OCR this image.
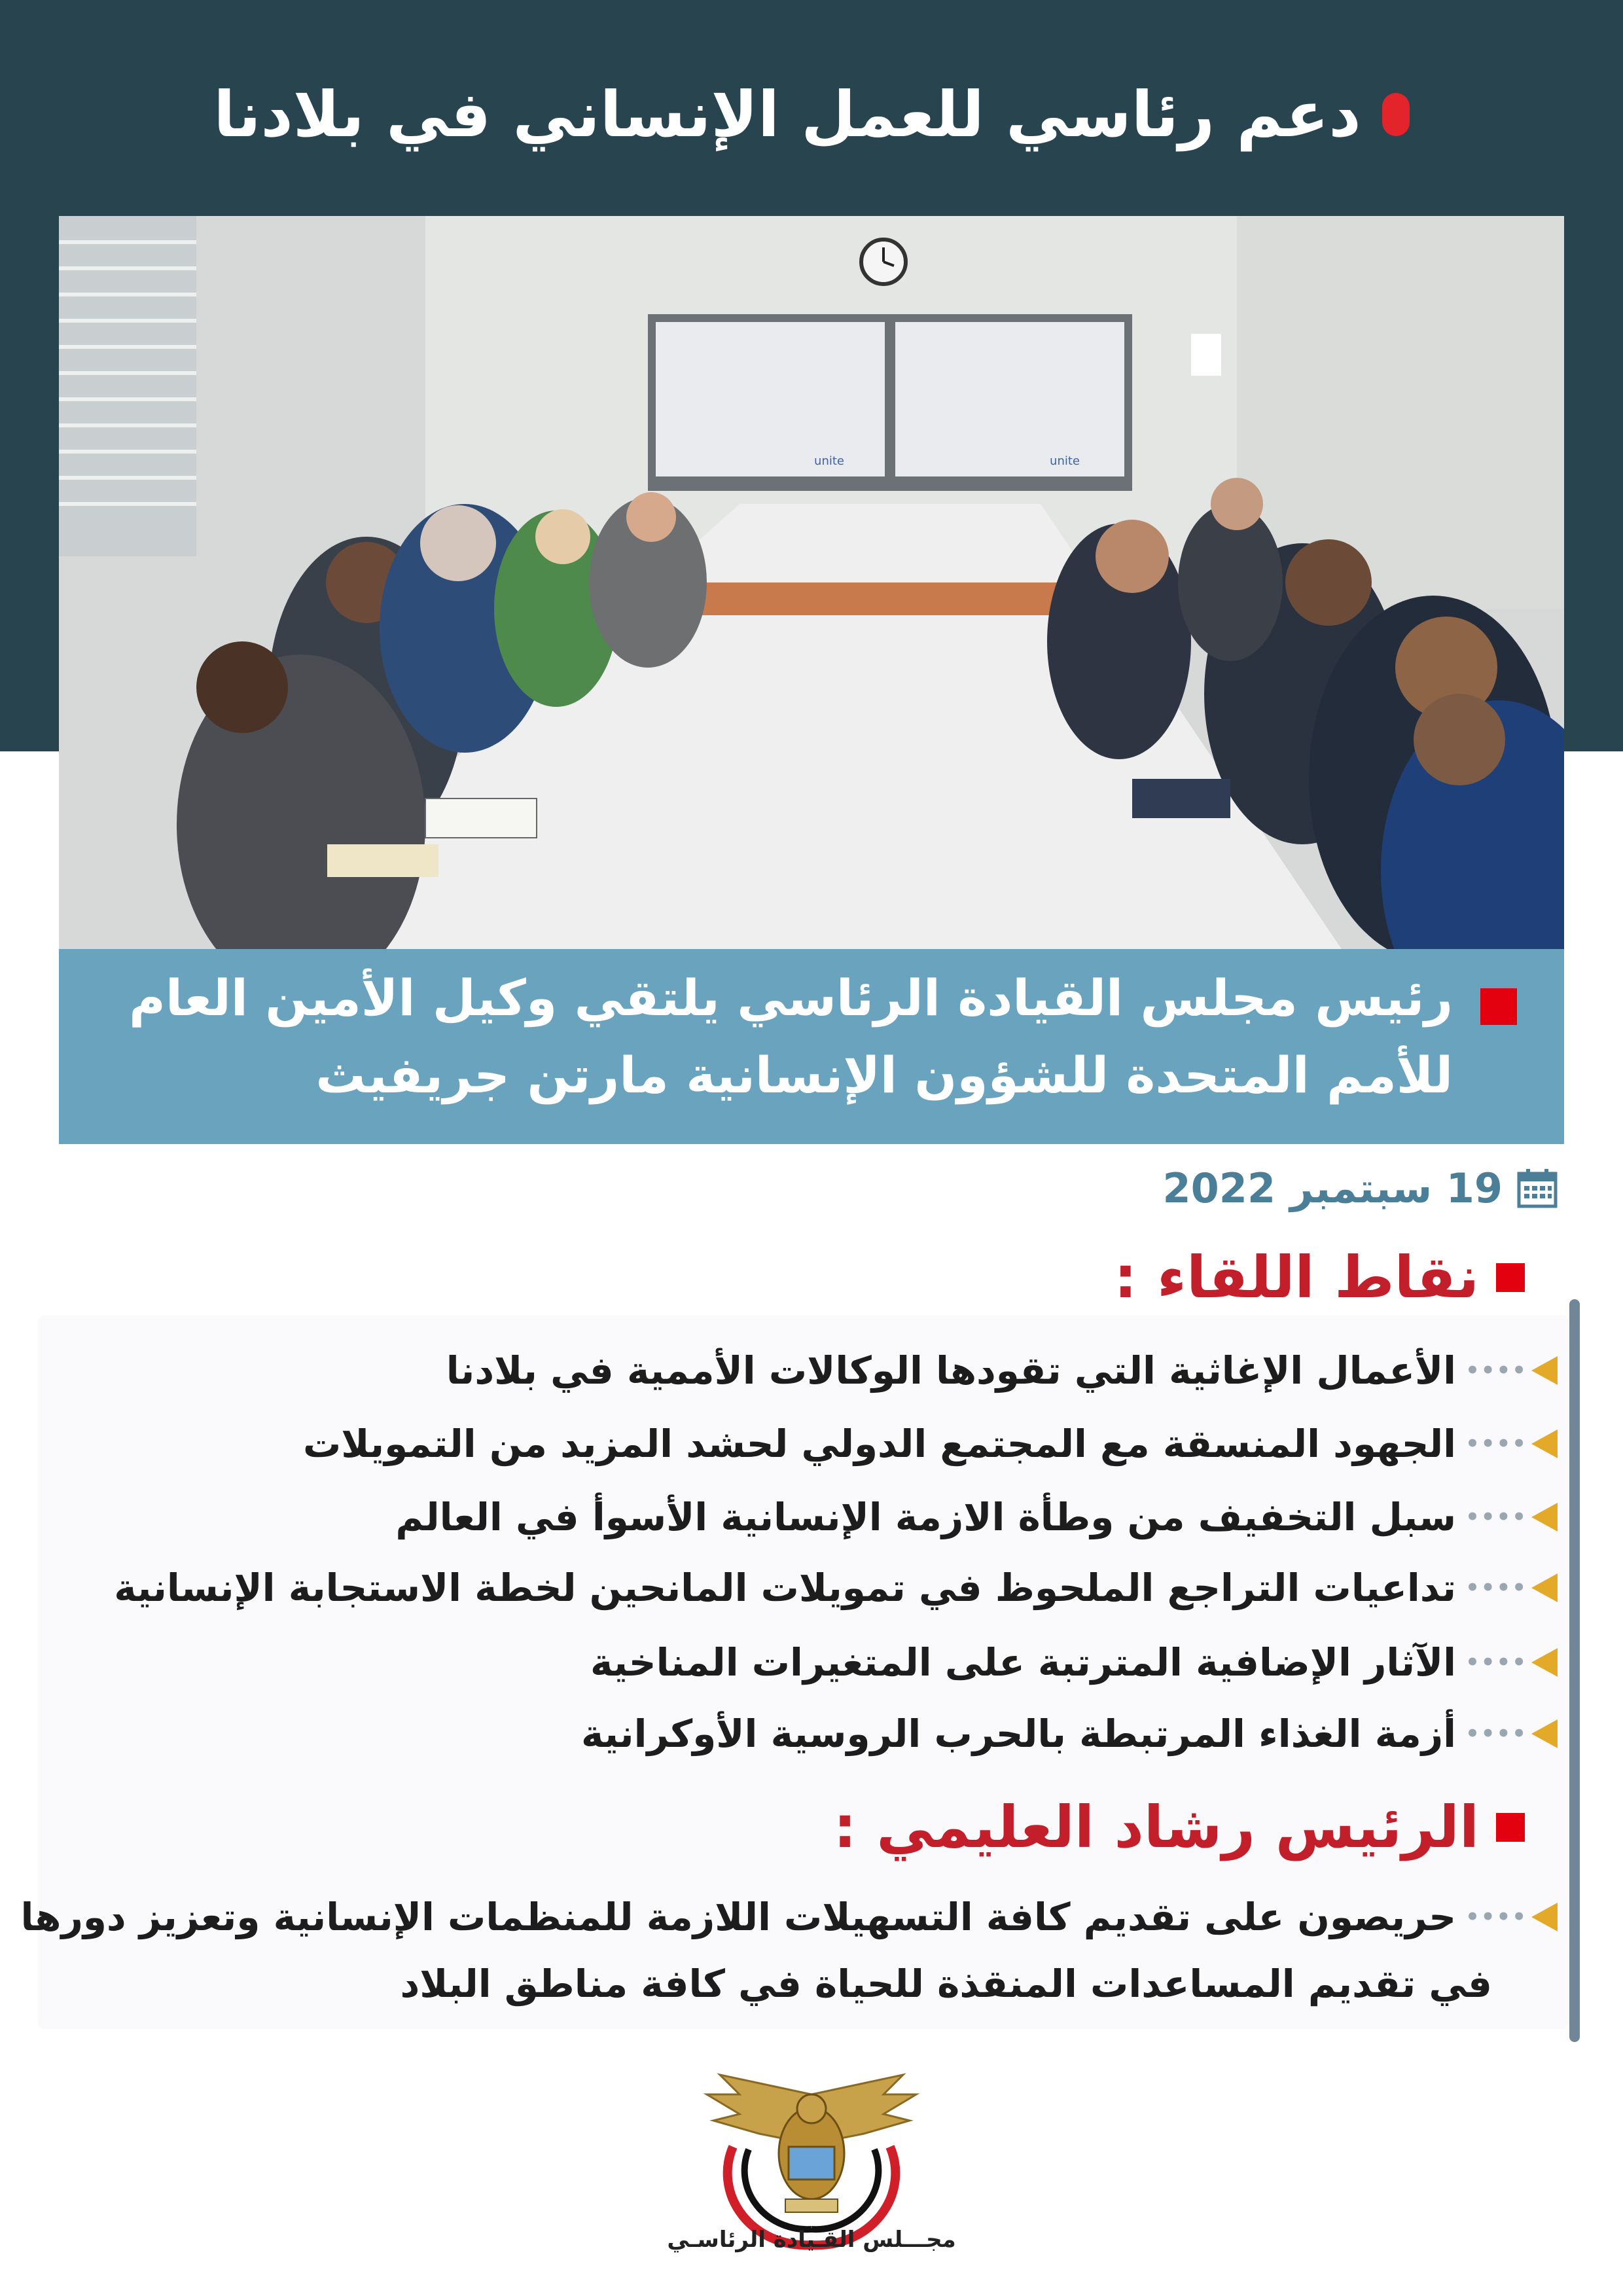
دعم رئاسي للعمل الإنساني في بلادنا
unite	unite
رئيس مجلس القيادة الرئاسي يلتقي وكيل الأمين العام
للأمم المتحدة للشؤون الإنسانية مارتن جريفيث
19 سبتمبر
2022
نقاط اللقاء :
••••
الأعمال الإغاثية التي تقودها الوكالات الأممية في بلادنا
••••
الجهود المنسقة مع المجتمع الدولي لحشد المزيد من التمويلات
••••
سبل التخفيف من وطأة الازمة الإنسانية الأسوأ في العالم
••••
تداعيات التراجع الملحوظ في تمويلات المانحين لخطة الاستجابة الإنسانية
••••
الآثار الإضافية المترتبة على المتغيرات المناخية
••••
أزمة الغذاء المرتبطة بالحرب الروسية الأوكرانية
الرئيس رشاد العليمي :
••••
حريصون على تقديم كافة التسهيلات اللازمة للمنظمات الإنسانية وتعزيز دورها
في تقديم المساعدات المنقذة للحياة في كافة مناطق البلاد
مجـــلس القـيادة الرئاسـي
